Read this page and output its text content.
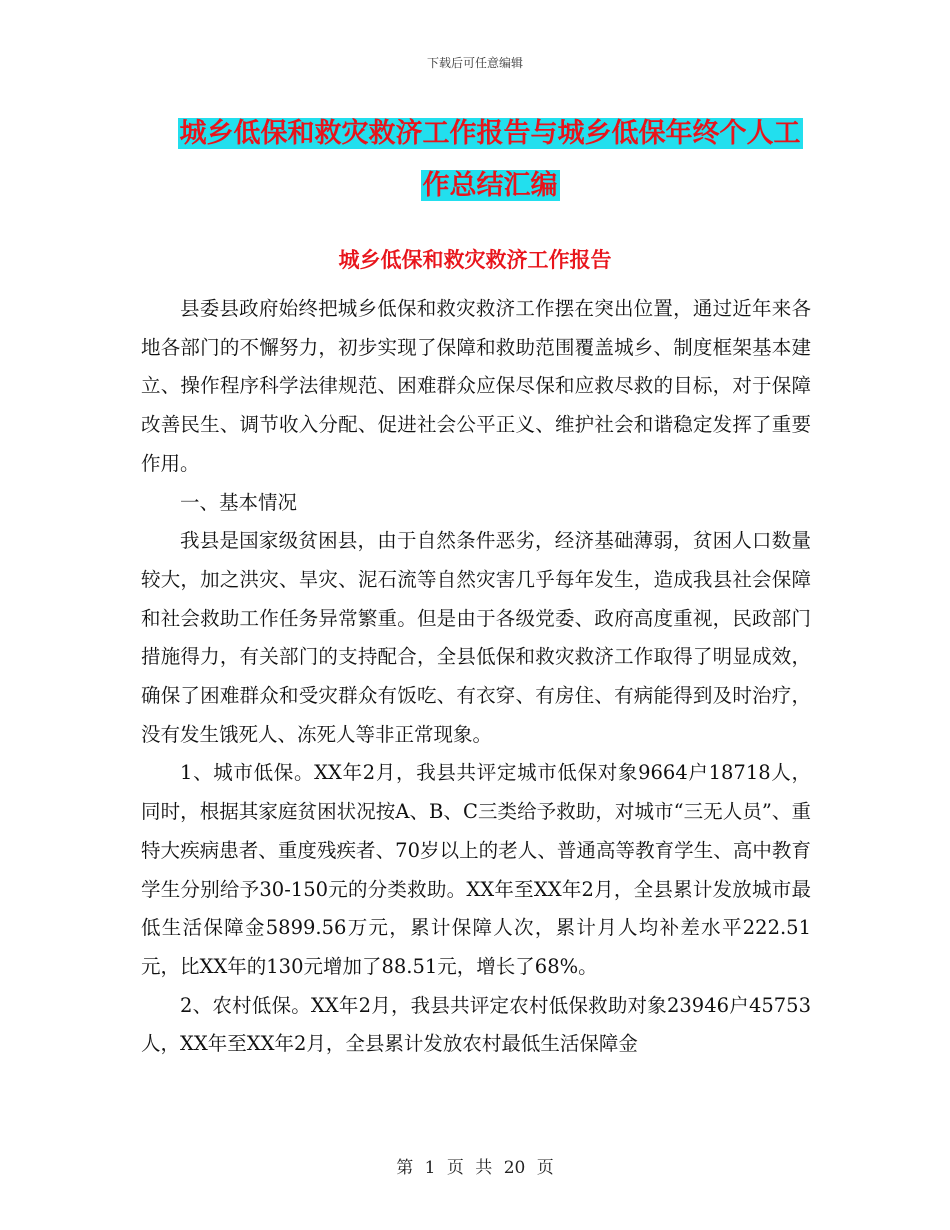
下载后可任意编辑
城乡低保和救灾救济工作报告与城乡低保年终个人工
作总结汇编
城乡低保和救灾救济工作报告

县委县政府始终把城乡低保和救灾救济工作摆在突出位置，通过近年来各地各部门的不懈努力，初步实现了保障和救助范围覆盖城乡、制度框架基本建立、操作程序科学法律规范、困难群众应保尽保和应救尽救的目标，对于保障改善民生、调节收入分配、促进社会公平正义、维护社会和谐稳定发挥了重要作用。

一、基本情况

我县是国家级贫困县，由于自然条件恶劣，经济基础薄弱，贫困人口数量较大，加之洪灾、旱灾、泥石流等自然灾害几乎每年发生，造成我县社会保障和社会救助工作任务异常繁重。但是由于各级党委、政府高度重视，民政部门措施得力，有关部门的支持配合，全县低保和救灾救济工作取得了明显成效，确保了困难群众和受灾群众有饭吃、有衣穿、有房住、有病能得到及时治疗，没有发生饿死人、冻死人等非正常现象。

1、城市低保。XX年2月，我县共评定城市低保对象9664户18718人，同时，根据其家庭贫困状况按A、B、C三类给予救助，对城市“三无人员”、重特大疾病患者、重度残疾者、70岁以上的老人、普通高等教育学生、高中教育学生分别给予30-150元的分类救助。XX年至XX年2月，全县累计发放城市最低生活保障金5899.56万元，累计保障人次，累计月人均补差水平222.51元，比XX年的130元增加了88.51元，增长了68%。

2、农村低保。XX年2月，我县共评定农村低保救助对象23946户45753人，XX年至XX年2月，全县累计发放农村最低生活保障金

第 1 页 共 20 页
